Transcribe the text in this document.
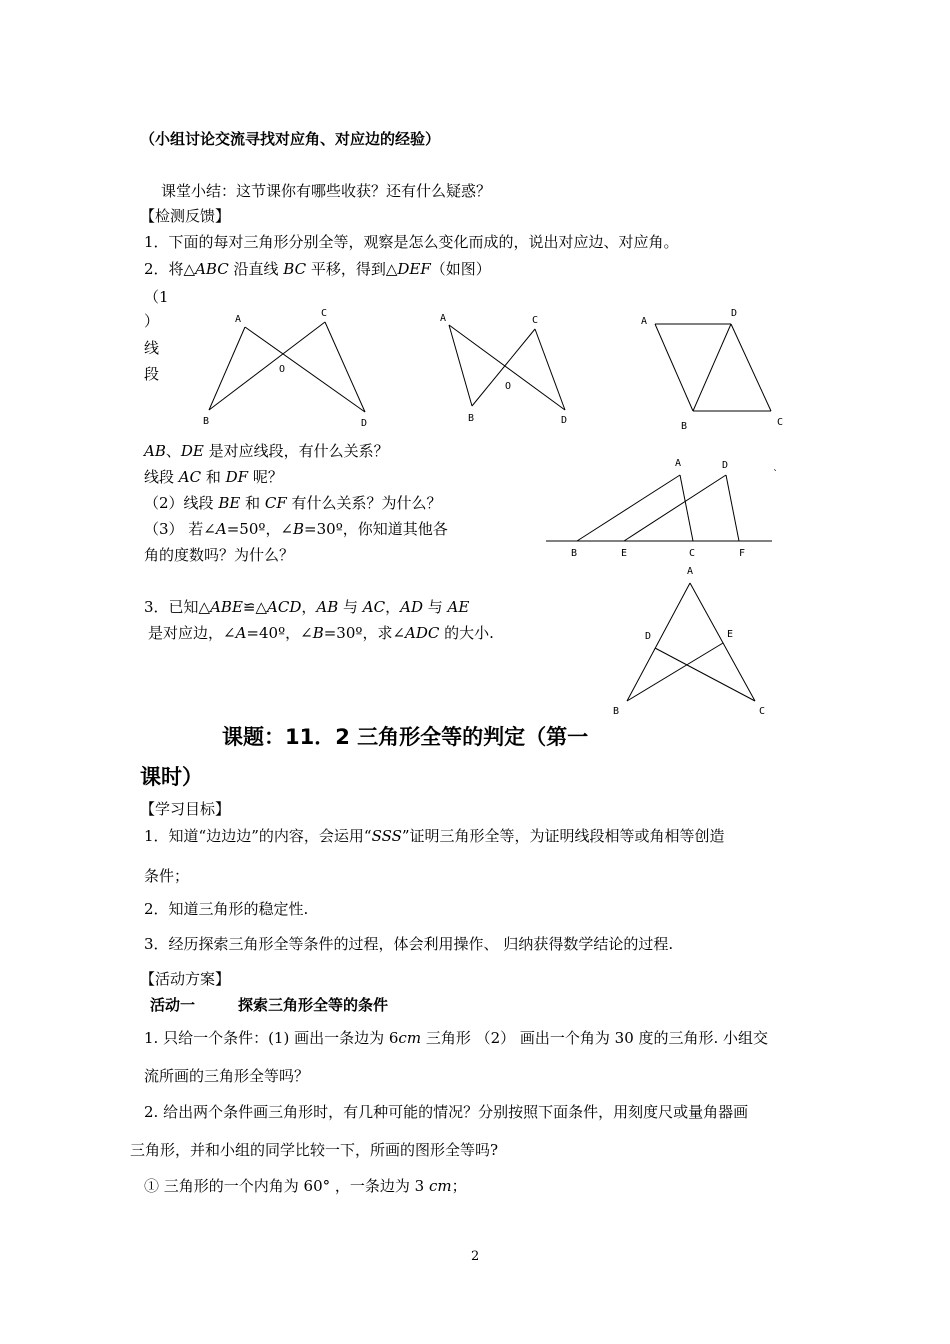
（小组讨论交流寻找对应角、对应边的经验）
课堂小结：这节课你有哪些收获？还有什么疑惑？
【检测反馈】
1．下面的每对三角形分别全等，观察是怎么变化而成的，说出对应边、对应角。
2．将△ABC 沿直线 BC 平移，得到△DEF（如图）
（1
）
线
段
AB、DE 是对应线段，有什么关系？
线段 AC 和 DF 呢？
（2）线段 BE 和 CF 有什么关系？为什么？
（3） 若∠A=50º，∠B=30º，你知道其他各
角的度数吗？为什么？
3．已知△ABE≌△ACD，AB 与 AC，AD 与 AE
是对应边，∠A=40º，∠B=30º，求∠ADC 的大小.
A
C
O
B	D
A	C
O
B	D
A
D
B	C
A	D	ˎ
B	E	C	F
A
D	E
B	C
课题：11．2 三角形全等的判定（第一
课时）
【学习目标】
1．知道“边边边”的内容，会运用“SSS”证明三角形全等，为证明线段相等或角相等创造
条件；
2．知道三角形的稳定性.
3．经历探索三角形全等条件的过程，体会利用操作、 归纳获得数学结论的过程.
【活动方案】
活动一	探索三角形全等的条件
1. 只给一个条件：(1) 画出一条边为 6cm 三角形 （2） 画出一个角为 30 度的三角形. 小组交
流所画的三角形全等吗？
2. 给出两个条件画三角形时，有几种可能的情况？分别按照下面条件，用刻度尺或量角器画
三角形，并和小组的同学比较一下，所画的图形全等吗?
① 三角形的一个内角为 60° ，一条边为 3 cm；
2
